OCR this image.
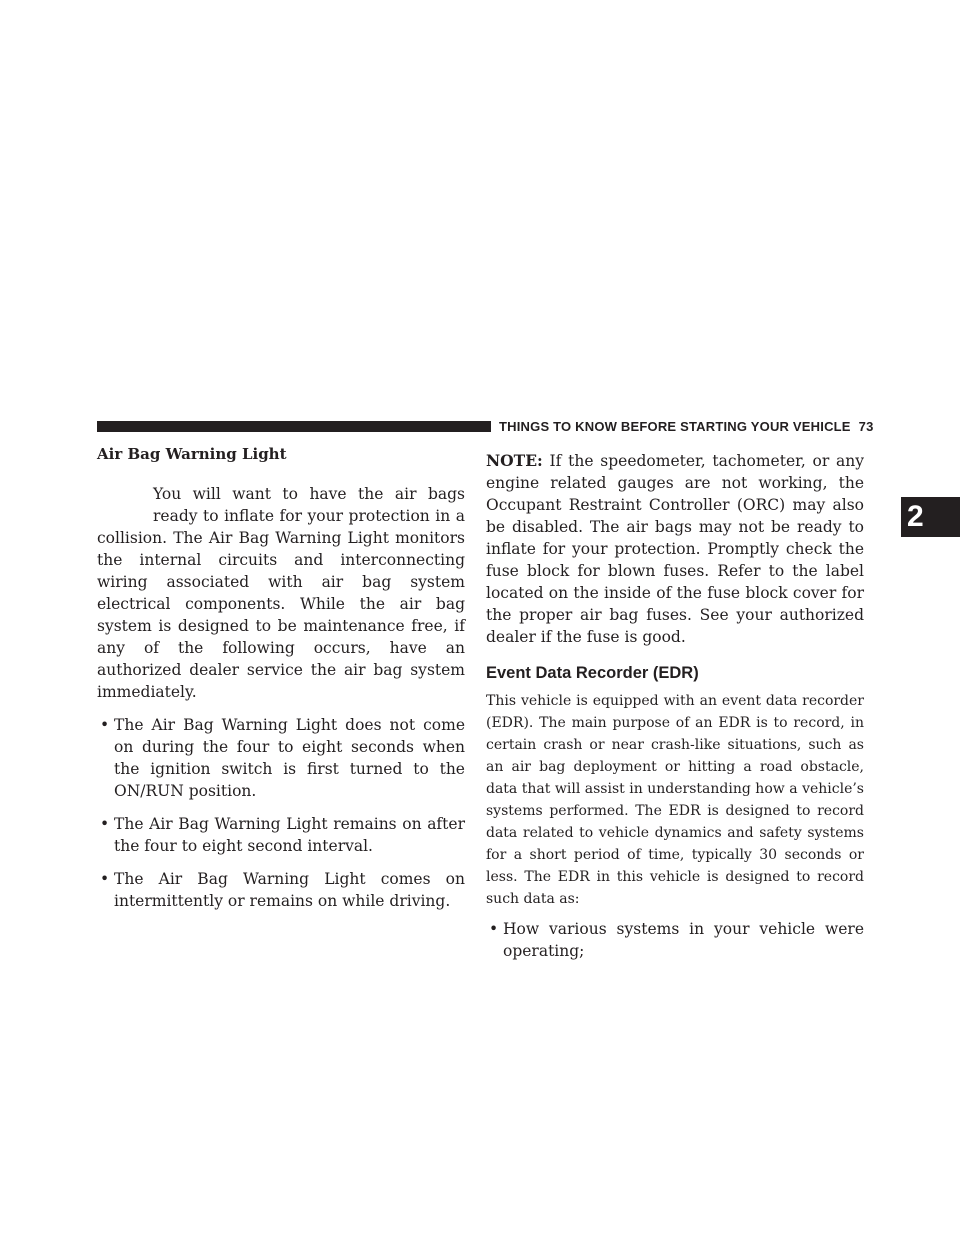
THINGS TO KNOW BEFORE STARTING YOUR VEHICLE 73
2
Air Bag Warning Light

You will want to have the air bags ready to inflate for your protection in a collision. The Air Bag Warning Light monitors the internal circuits and interconnecting wiring associated with air bag system electrical components. While the air bag system is designed to be maintenance free, if any of the following occurs, have an authorized dealer service the air bag system immediately.

• The Air Bag Warning Light does not come on during the four to eight seconds when the ignition switch is first turned to the ON/RUN position.
• The Air Bag Warning Light remains on after the four to eight second interval.
• The Air Bag Warning Light comes on intermittently or remains on while driving.

NOTE: If the speedometer, tachometer, or any engine related gauges are not working, the Occupant Restraint Controller (ORC) may also be disabled. The air bags may not be ready to inflate for your protection. Promptly check the fuse block for blown fuses. Refer to the label located on the inside of the fuse block cover for the proper air bag fuses. See your authorized dealer if the fuse is good.

Event Data Recorder (EDR)

This vehicle is equipped with an event data recorder (EDR). The main purpose of an EDR is to record, in certain crash or near crash-like situations, such as an air bag deployment or hitting a road obstacle, data that will assist in understanding how a vehicle’s systems performed. The EDR is designed to record data related to vehicle dynamics and safety systems for a short period of time, typically 30 seconds or less. The EDR in this vehicle is designed to record such data as:

• How various systems in your vehicle were operating;
